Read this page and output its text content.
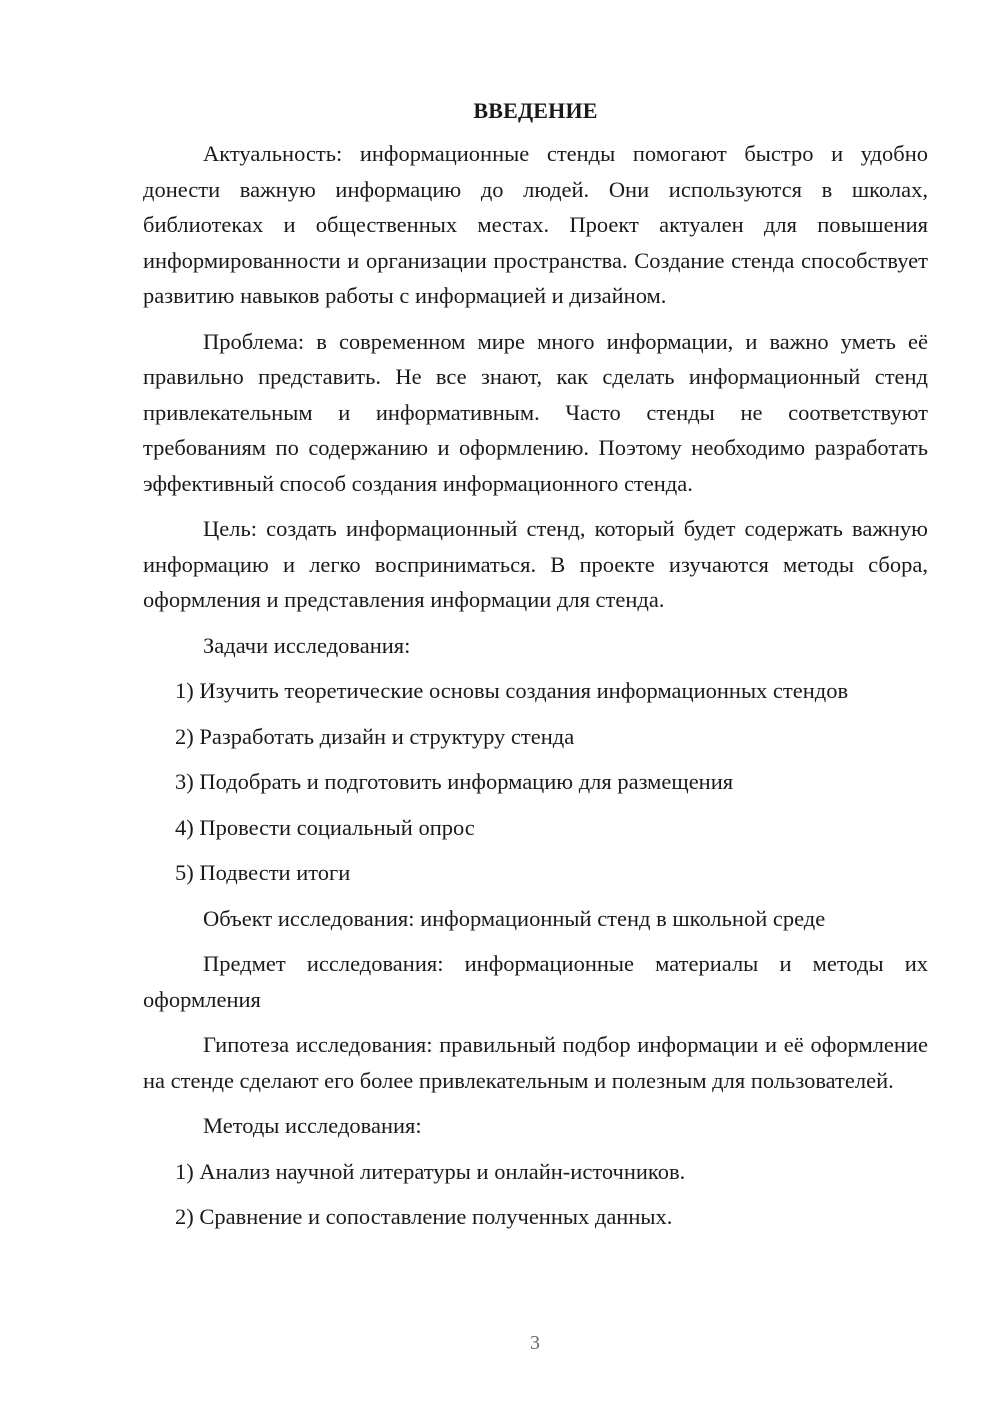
ВВЕДЕНИЕ

Актуальность: информационные стенды помогают быстро и удобно донести важную информацию до людей. Они используются в школах, библиотеках и общественных местах. Проект актуален для повышения информированности и организации пространства. Создание стенда способствует развитию навыков работы с информацией и дизайном.

Проблема: в современном мире много информации, и важно уметь её правильно представить. Не все знают, как сделать информационный стенд привлекательным и информативным. Часто стенды не соответствуют требованиям по содержанию и оформлению. Поэтому необходимо разработать эффективный способ создания информационного стенда.

Цель: создать информационный стенд, который будет содержать важную информацию и легко восприниматься. В проекте изучаются методы сбора, оформления и представления информации для стенда.

Задачи исследования:
1) Изучить теоретические основы создания информационных стендов
2) Разработать дизайн и структуру стенда
3) Подобрать и подготовить информацию для размещения
4) Провести социальный опрос
5) Подвести итоги
Объект исследования: информационный стенд в школьной среде

Предмет исследования: информационные материалы и методы их оформления

Гипотеза исследования: правильный подбор информации и её оформление на стенде сделают его более привлекательным и полезным для пользователей.

Методы исследования:
1) Анализ научной литературы и онлайн-источников.
2) Сравнение и сопоставление полученных данных.
3
